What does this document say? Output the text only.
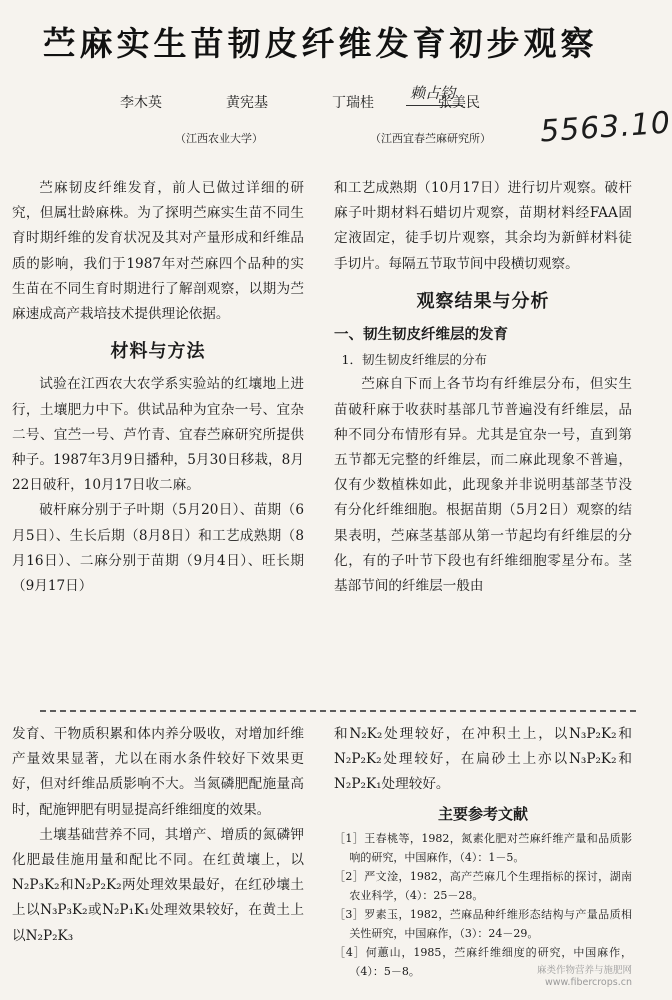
苎麻实生苗韧皮纤维发育初步观察
李木英	黄宪基	丁瑞桂	张美民
赖占钧
（江西农业大学）	（江西宜春苎麻研究所） 5563.10

苎麻韧皮纤维发育，前人已做过详细的研究，但属壮龄麻株。为了探明苎麻实生苗不同生育时期纤维的发育状况及其对产量形成和纤维品质的影响，我们于1987年对苎麻四个品种的实生苗在不同生育时期进行了解剖观察，以期为苎麻速成高产栽培技术提供理论依据。

材料与方法

试验在江西农大农学系实验站的红壤地上进行，土壤肥力中下。供试品种为宜杂一号、宜杂二号、宜苎一号、芦竹青、宜春苎麻研究所提供种子。1987年3月9日播种，5月30日移栽，8月22日破秆，10月17日收二麻。

破杆麻分别于子叶期（5月20日）、苗期（6月5日）、生长后期（8月8日）和工艺成熟期（8月16日）、二麻分别于苗期（9月4日）、旺长期（9月17日）

和工艺成熟期（10月17日）进行切片观察。破杆麻子叶期材料石蜡切片观察，苗期材料经FAA固定液固定，徒手切片观察，其余均为新鲜材料徒手切片。每隔五节取节间中段横切观察。

观察结果与分析
一、韧生韧皮纤维层的发育
1．韧生韧皮纤维层的分布

苎麻自下而上各节均有纤维层分布，但实生苗破秆麻于收获时基部几节普遍没有纤维层，品种不同分布情形有异。尤其是宜杂一号，直到第五节都无完整的纤维层，而二麻此现象不普遍，仅有少数植株如此，此现象并非说明基部茎节没有分化纤维细胞。根据苗期（5月2日）观察的结果表明，苎麻茎基部从第一节起均有纤维层的分化，有的子叶节下段也有纤维细胞零星分布。茎基部节间的纤维层一般由

发育、干物质积累和体内养分吸收，对增加纤维产量效果显著，尤以在雨水条件较好下效果更好，但对纤维品质影响不大。当氮磷肥配施量高时，配施钾肥有明显提高纤维细度的效果。

土壤基础营养不同，其增产、增质的氮磷钾化肥最佳施用量和配比不同。在红黄壤上，以N₂P₃K₂和N₂P₂K₂两处理效果最好，在红砂壤土上以N₃P₃K₂或N₂P₁K₁处理效果较好，在黄土上以N₂P₂K₃

和N₂K₂处理较好，在冲积土上，以N₃P₂K₂和N₂P₂K₂处理较好，在扁砂土上亦以N₃P₂K₂和N₂P₂K₁处理较好。

主要参考文献
［1］王春桃等，1982，氮素化肥对苎麻纤维产量和品质影响的研究，中国麻作，（4）：1－5。
［2］严文淦，1982，高产苎麻几个生理指标的探讨，湖南农业科学，（4）：25－28。
［3］罗素玉，1982，苎麻品种纤维形态结构与产量品质相关性研究，中国麻作，（3）：24－29。
［4］何蕙山，1985，苎麻纤维细度的研究，中国麻作，（4）：5－8。	麻类作物营养与施肥网
www.fibercrops.cn
